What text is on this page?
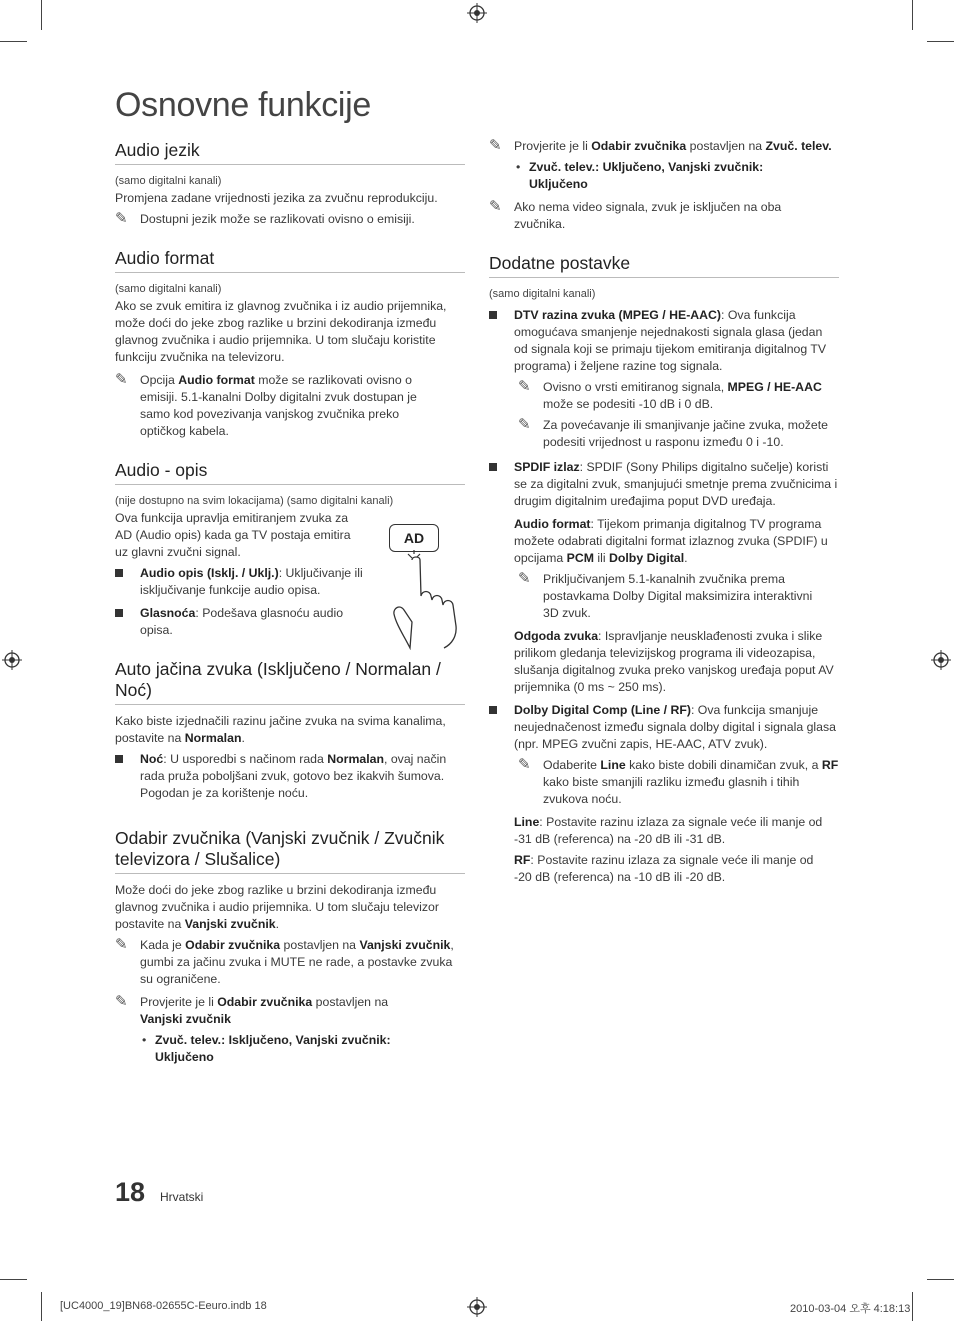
Osnovne funkcije
Audio jezik

(samo digitalni kanali)

Promjena zadane vrijednosti jezika za zvučnu reprodukciju.

✎ Dostupni jezik može se razlikovati ovisno o emisiji.

Audio format

(samo digitalni kanali)

Ako se zvuk emitira iz glavnog zvučnika i iz audio prijemnika, može doći do jeke zbog razlike u brzini dekodiranja između glavnog zvučnika i audio prijemnika. U tom slučaju koristite funkciju zvučnika na televizoru.

✎ Opcija Audio format može se razlikovati ovisno o emisiji. 5.1-kanalni Dolby digitalni zvuk dostupan je samo kod povezivanja vanjskog zvučnika preko optičkog kabela.

Audio - opis

(nije dostupno na svim lokacijama) (samo digitalni kanali)

Ova funkcija upravlja emitiranjem zvuka za AD (Audio opis) kada ga TV postaja emitira uz glavni zvučni signal.

Audio opis (Isklj. / Uklj.): Uključivanje ili isključivanje funkcije audio opisa.

Glasnoća: Podešava glasnoću audio opisa.

Auto jačina zvuka (Isključeno / Normalan / Noć)

Kako biste izjednačili razinu jačine zvuka na svima kanalima, postavite na Normalan.

Noć: U usporedbi s načinom rada Normalan, ovaj način rada pruža poboljšani zvuk, gotovo bez ikakvih šumova. Pogodan je za korištenje noću.

Odabir zvučnika (Vanjski zvučnik / Zvučnik televizora / Slušalice)

Može doći do jeke zbog razlike u brzini dekodiranja između glavnog zvučnika i audio prijemnika. U tom slučaju televizor postavite na Vanjski zvučnik.

✎ Kada je Odabir zvučnika postavljen na Vanjski zvučnik, gumbi za jačinu zvuka i MUTE ne rade, a postavke zvuka su ograničene.

✎ Provjerite je li Odabir zvučnika postavljen na Vanjski zvučnik

• Zvuč. telev.: Isključeno, Vanjski zvučnik: Uključeno

AD

✎ Provjerite je li Odabir zvučnika postavljen na Zvuč. telev.

• Zvuč. telev.: Uključeno, Vanjski zvučnik: Uključeno

✎ Ako nema video signala, zvuk je isključen na oba zvučnika.

Dodatne postavke

(samo digitalni kanali)

DTV razina zvuka (MPEG / HE-AAC): Ova funkcija omogućava smanjenje nejednakosti signala glasa (jedan od signala koji se primaju tijekom emitiranja digitalnog TV programa) i željene razine tog signala.

✎ Ovisno o vrsti emitiranog signala, MPEG / HE-AAC može se podesiti -10 dB i 0 dB.

✎ Za povećavanje ili smanjivanje jačine zvuka, možete podesiti vrijednost u rasponu između 0 i -10.

SPDIF izlaz: SPDIF (Sony Philips digitalno sučelje) koristi se za digitalni zvuk, smanjujući smetnje prema zvučnicima i drugim digitalnim uređajima poput DVD uređaja.

Audio format: Tijekom primanja digitalnog TV programa možete odabrati digitalni format izlaznog zvuka (SPDIF) u opcijama PCM ili Dolby Digital.

✎ Priključivanjem 5.1-kanalnih zvučnika prema postavkama Dolby Digital maksimizira interaktivni 3D zvuk.

Odgoda zvuka: Ispravljanje neusklađenosti zvuka i slike prilikom gledanja televizijskog programa ili videozapisa, slušanja digitalnog zvuka preko vanjskog uređaja poput AV prijemnika (0 ms ~ 250 ms).

Dolby Digital Comp (Line / RF): Ova funkcija smanjuje neujednačenost između signala dolby digital i signala glasa (npr. MPEG zvučni zapis, HE-AAC, ATV zvuk).

✎ Odaberite Line kako biste dobili dinamičan zvuk, a RF kako biste smanjili razliku između glasnih i tihih zvukova noću.

Line: Postavite razinu izlaza za signale veće ili manje od -31 dB (referenca) na -20 dB ili -31 dB.

RF: Postavite razinu izlaza za signale veće ili manje od -20 dB (referenca) na -10 dB ili -20 dB.

18 Hrvatski
[UC4000_19]BN68-02655C-Eeuro.indb 18	2010-03-04 오후 4:18:13
